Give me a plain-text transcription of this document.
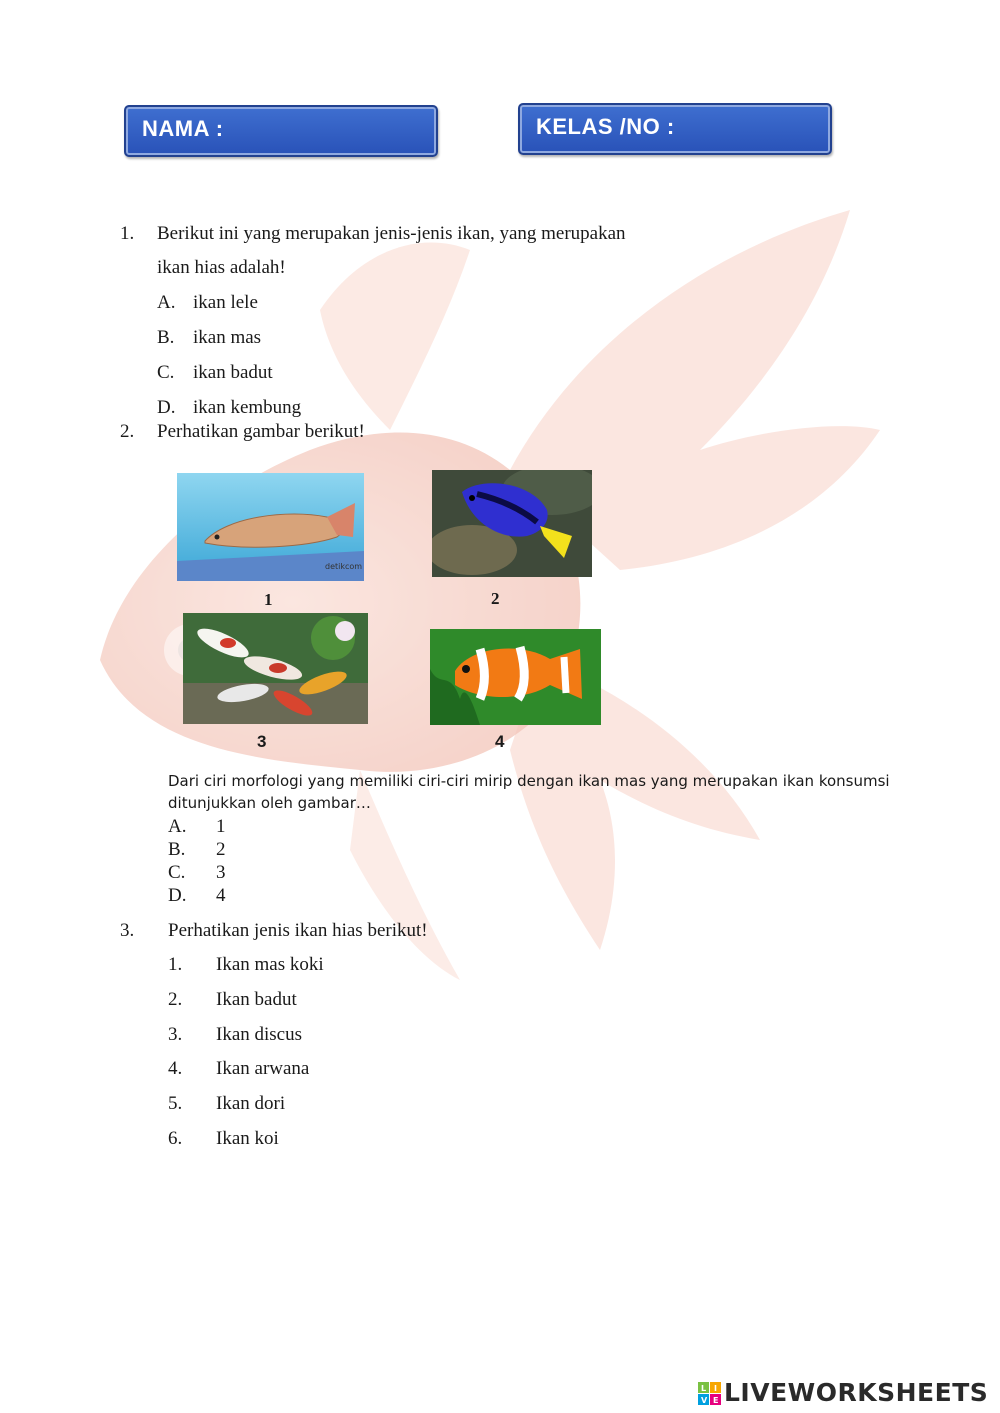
NAMA :	KELAS /NO :
1. Berikut ini yang merupakan jenis-jenis ikan, yang merupakan
ikan hias adalah!
A. ikan lele
B. ikan mas
C. ikan badut
D. ikan kembung
2. Perhatikan gambar berikut!
detikcom
1	2
3	4
Dari ciri morfologi yang memiliki ciri-ciri mirip dengan ikan mas yang merupakan ikan konsumsi
ditunjukkan oleh gambar…
A. 1
B. 2
C. 3
D. 4
3. Perhatikan jenis ikan hias berikut!
1. Ikan mas koki
2. Ikan badut
3. Ikan discus
4. Ikan arwana
5. Ikan dori
6. Ikan koi
L I
V E LIVEWORKSHEETS
